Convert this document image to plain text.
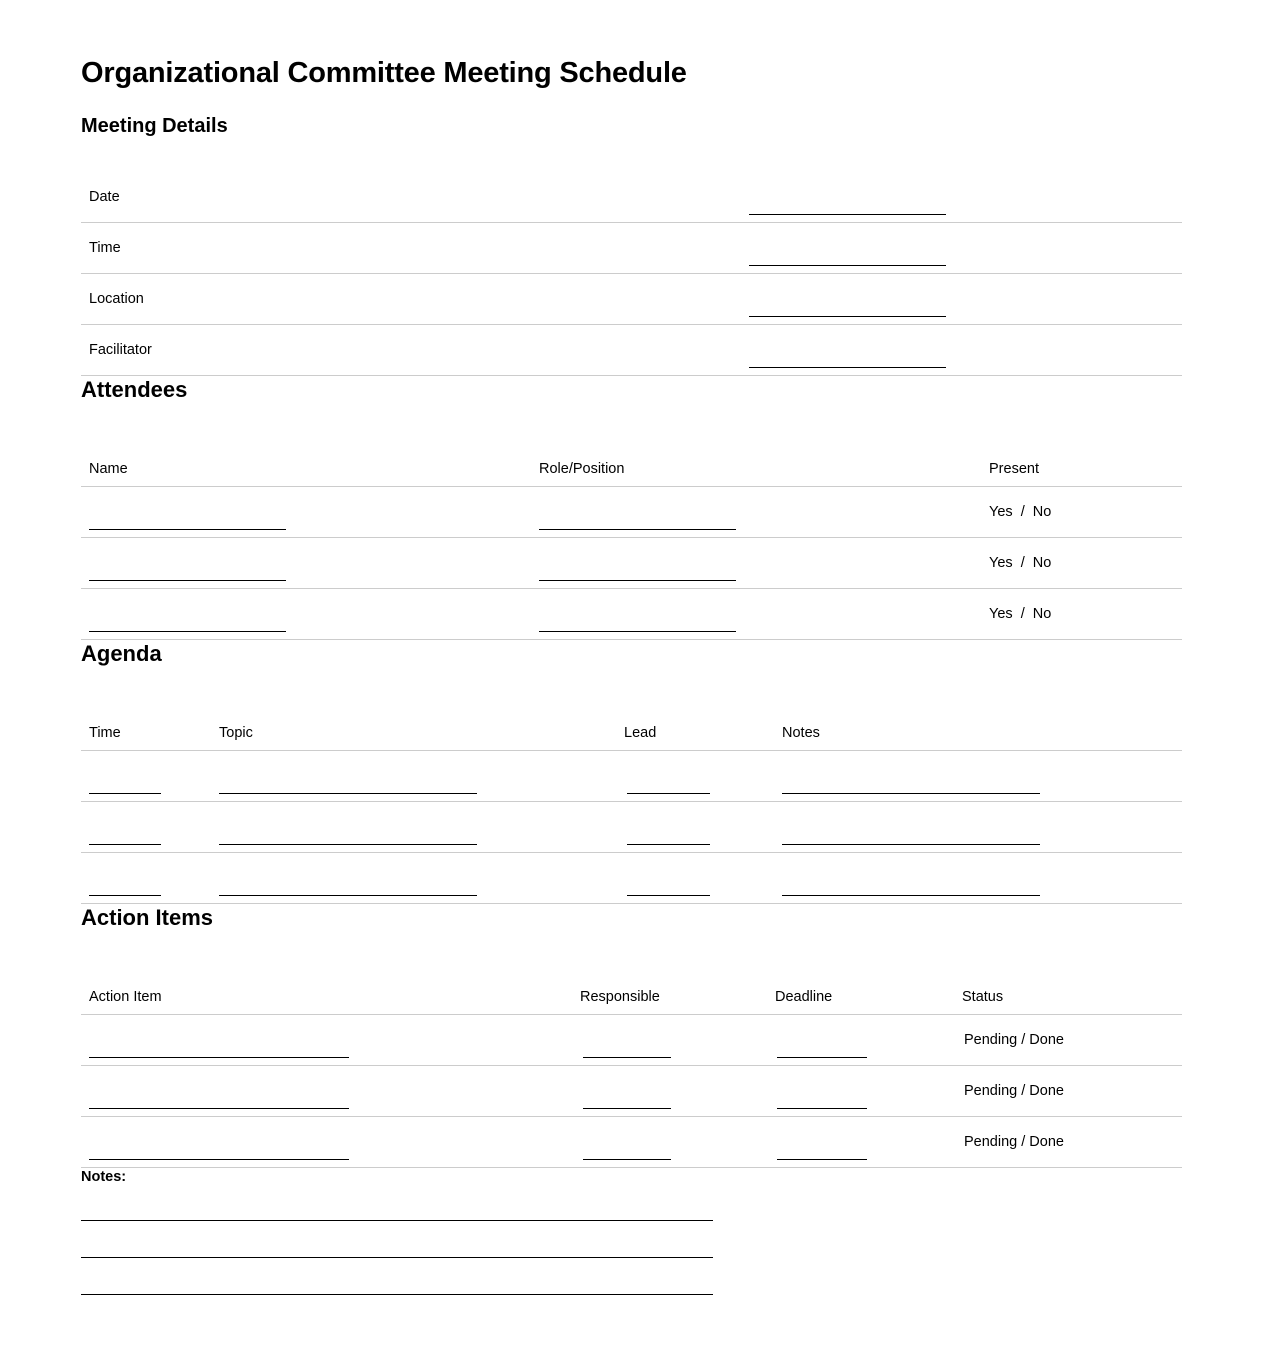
Organizational Committee Meeting Schedule
Meeting Details
Date	
Time	
Location	
Facilitator	
Attendees
Name	Role/Position	Present
		Yes  /  No
		Yes  /  No
		Yes  /  No
Agenda
Time	Topic	Lead	Notes

Action Items
Action Item	Responsible	Deadline	Status
			Pending / Done
			Pending / Done
			Pending / Done
Notes:
